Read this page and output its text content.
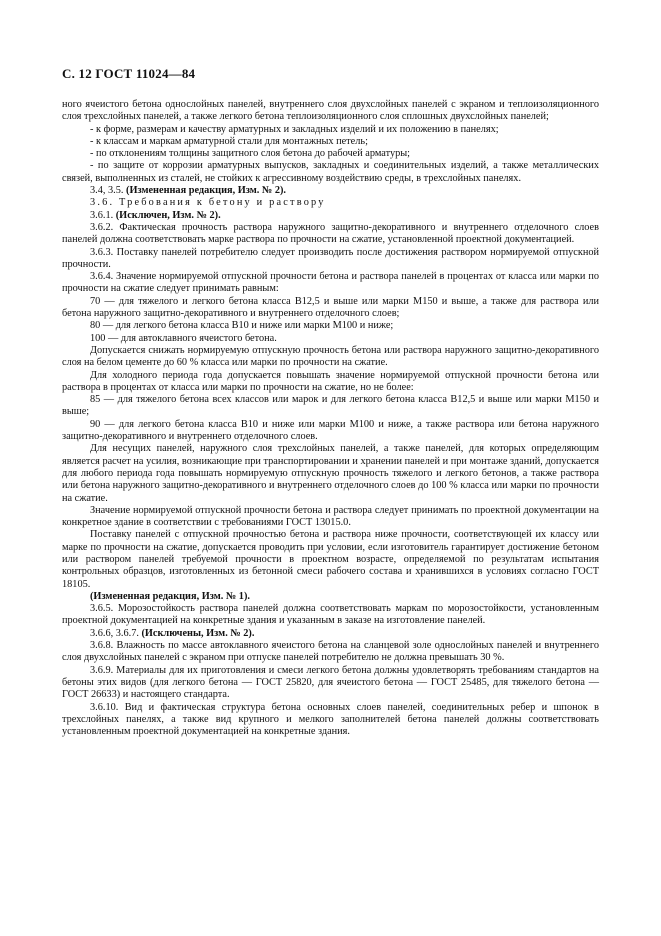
С. 12 ГОСТ 11024—84

ного ячеистого бетона однослойных панелей, внутреннего слоя двухслойных панелей с экраном и теплоизоляционного слоя трехслойных панелей, а также легкого бетона теплоизоляционного слоя сплошных двухслойных панелей;

- к форме, размерам и качеству арматурных и закладных изделий и их положению в панелях;

- к классам и маркам арматурной стали для монтажных петель;

- по отклонениям толщины защитного слоя бетона до рабочей арматуры;

- по защите от коррозии арматурных выпусков, закладных и соединительных изделий, а также металлических связей, выполненных из сталей, не стойких к агрессивному воздействию среды, в трехслойных панелях.

3.4, 3.5. (Измененная редакция, Изм. № 2).

3.6. Требования к бетону и раствору

3.6.1. (Исключен, Изм. № 2).

3.6.2. Фактическая прочность раствора наружного защитно-декоративного и внутреннего отделочного слоев панелей должна соответствовать марке раствора по прочности на сжатие, установленной проектной документацией.

3.6.3. Поставку панелей потребителю следует производить после достижения раствором нормируемой отпускной прочности.

3.6.4. Значение нормируемой отпускной прочности бетона и раствора панелей в процентах от класса или марки по прочности на сжатие следует принимать равным:

70 — для тяжелого и легкого бетона класса В12,5 и выше или марки М150 и выше, а также для раствора или бетона наружного защитно-декоративного и внутреннего отделочного слоев;

80 — для легкого бетона класса В10 и ниже или марки М100 и ниже;

100 — для автоклавного ячеистого бетона.

Допускается снижать нормируемую отпускную прочность бетона или раствора наружного защитно-декоративного слоя на белом цементе до 60 % класса или марки по прочности на сжатие.

Для холодного периода года допускается повышать значение нормируемой отпускной прочности бетона или раствора в процентах от класса или марки по прочности на сжатие, но не более:

85 — для тяжелого бетона всех классов или марок и для легкого бетона класса В12,5 и выше или марки М150 и выше;

90 — для легкого бетона класса В10 и ниже или марки М100 и ниже, а также раствора или бетона наружного защитно-декоративного и внутреннего отделочного слоев.

Для несущих панелей, наружного слоя трехслойных панелей, а также панелей, для которых определяющим является расчет на усилия, возникающие при транспортировании и хранении панелей и при монтаже зданий, допускается для любого периода года повышать нормируемую отпускную прочность тяжелого и легкого бетонов, а также раствора или бетона наружного защитно-декоративного и внутреннего отделочного слоев до 100 % класса или марки по прочности на сжатие.

Значение нормируемой отпускной прочности бетона и раствора следует принимать по проектной документации на конкретное здание в соответствии с требованиями ГОСТ 13015.0.

Поставку панелей с отпускной прочностью бетона и раствора ниже прочности, соответствующей их классу или марке по прочности на сжатие, допускается проводить при условии, если изготовитель гарантирует достижение бетоном или раствором панелей требуемой прочности в проектном возрасте, определяемой по результатам испытания контрольных образцов, изготовленных из бетонной смеси рабочего состава и хранившихся в условиях согласно ГОСТ 18105.

(Измененная редакция, Изм. № 1).

3.6.5. Морозостойкость раствора панелей должна соответствовать маркам по морозостойкости, установленным проектной документацией на конкретные здания и указанным в заказе на изготовление панелей.

3.6.6, 3.6.7. (Исключены, Изм. № 2).

3.6.8. Влажность по массе автоклавного ячеистого бетона на сланцевой золе однослойных панелей и внутреннего слоя двухслойных панелей с экраном при отпуске панелей потребителю не должна превышать 30 %.

3.6.9. Материалы для их приготовления и смеси легкого бетона должны удовлетворять требованиям стандартов на бетоны этих видов (для легкого бетона — ГОСТ 25820, для ячеистого бетона — ГОСТ 25485, для тяжелого бетона — ГОСТ 26633) и настоящего стандарта.

3.6.10. Вид и фактическая структура бетона основных слоев панелей, соединительных ребер и шпонок в трехслойных панелях, а также вид крупного и мелкого заполнителей бетона панелей должны соответствовать установленным проектной документацией на конкретные здания.
